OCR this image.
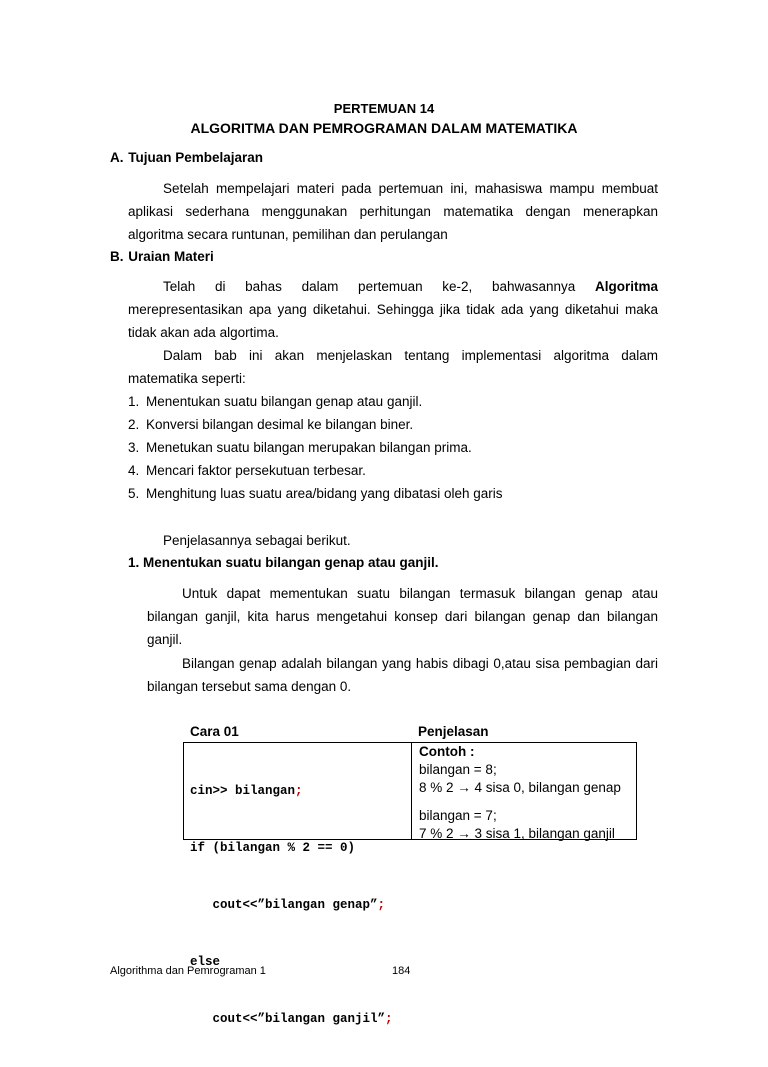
PERTEMUAN 14
ALGORITMA DAN PEMROGRAMAN DALAM MATEMATIKA
A. Tujuan Pembelajaran
Setelah mempelajari materi pada pertemuan ini, mahasiswa mampu membuat aplikasi sederhana menggunakan perhitungan matematika dengan menerapkan algoritma secara runtunan, pemilihan dan perulangan
B. Uraian Materi
Telah di bahas dalam pertemuan ke-2, bahwasannya Algoritma merepresentasikan apa yang diketahui. Sehingga jika tidak ada yang diketahui maka tidak akan ada algortima.
Dalam bab ini akan menjelaskan tentang implementasi algoritma dalam matematika seperti:
1. Menentukan suatu bilangan genap atau ganjil.
2. Konversi bilangan desimal ke bilangan biner.
3. Menetukan suatu bilangan merupakan bilangan prima.
4. Mencari faktor persekutuan terbesar.
5. Menghitung luas suatu area/bidang yang dibatasi oleh garis
Penjelasannya sebagai berikut.
1. Menentukan suatu bilangan genap atau ganjil.
Untuk dapat mementukan suatu bilangan termasuk bilangan genap atau bilangan ganjil, kita harus mengetahui konsep dari bilangan genap dan bilangan ganjil.
Bilangan genap adalah bilangan yang habis dibagi 0,atau sisa pembagian dari bilangan tersebut sama dengan 0.
Cara 01	Penjelasan

cin>> bilangan;

if (bilangan % 2 == 0)

cout<<”bilangan genap”;

else

cout<<”bilangan ganjil”;

Contoh :
bilangan = 8;
8 % 2 → 4 sisa 0, bilangan genap
bilangan = 7;
7 % 2 → 3 sisa 1, bilangan ganjil
Algorithma dan Pemrograman 1	184
